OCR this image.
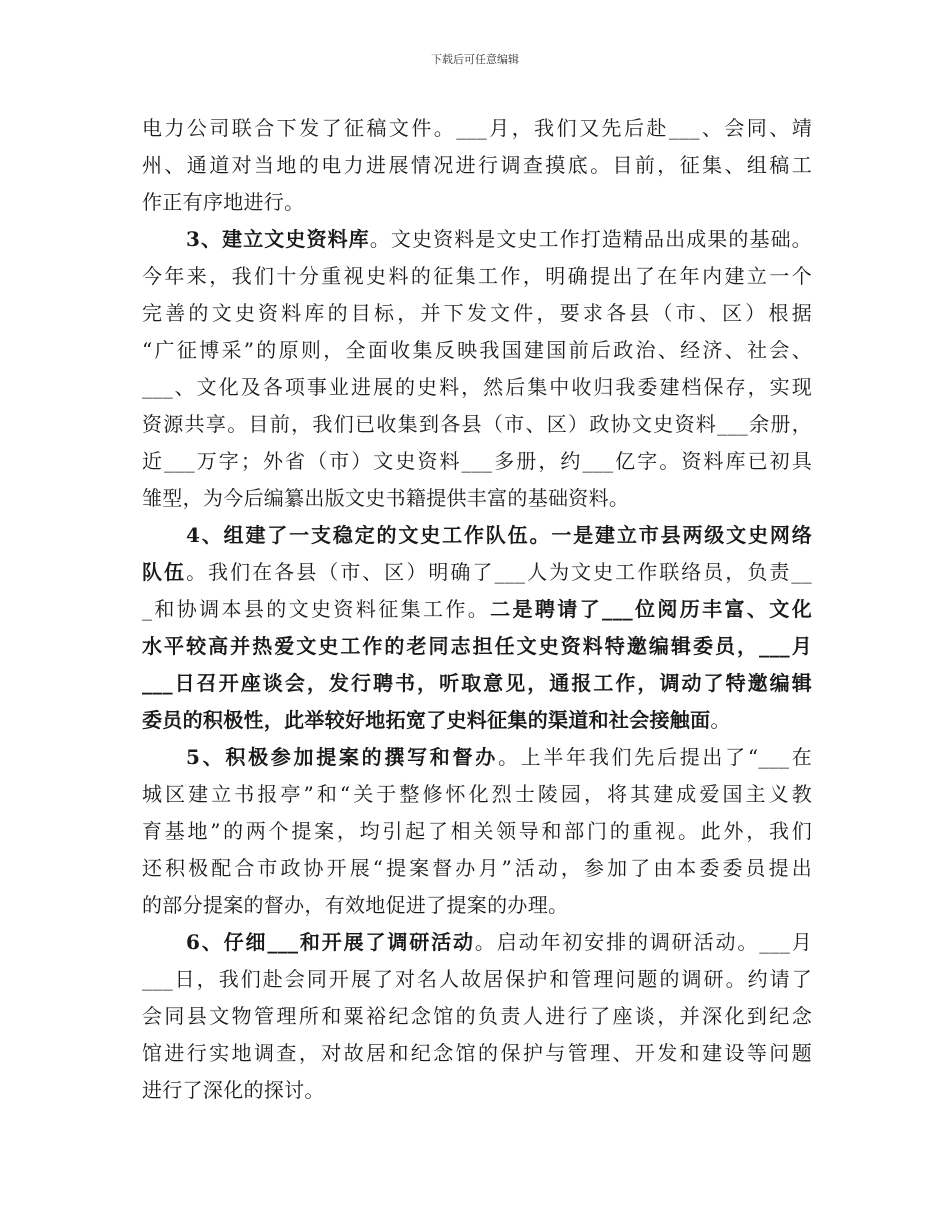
下载后可任意编辑
电力公司联合下发了征稿文件。___月，我们又先后赴___、会同、靖
州、通道对当地的电力进展情况进行调查摸底。目前，征集、组稿工
作正有序地进行。
3、建立文史资料库。文史资料是文史工作打造精品出成果的基础。
今年来，我们十分重视史料的征集工作，明确提出了在年内建立一个
完善的文史资料库的目标，并下发文件，要求各县（市、区）根据
“广征博采”的原则，全面收集反映我国建国前后政治、经济、社会、
___、文化及各项事业进展的史料，然后集中收归我委建档保存，实现
资源共享。目前，我们已收集到各县（市、区）政协文史资料___余册，
近___万字；外省（市）文史资料___多册，约___亿字。资料库已初具
雏型，为今后编纂出版文史书籍提供丰富的基础资料。
4、组建了一支稳定的文史工作队伍。一是建立市县两级文史网络
队伍。我们在各县（市、区）明确了___人为文史工作联络员，负责__
_和协调本县的文史资料征集工作。二是聘请了___位阅历丰富、文化
水平较高并热爱文史工作的老同志担任文史资料特邀编辑委员，___月
___日召开座谈会，发行聘书，听取意见，通报工作，调动了特邀编辑
委员的积极性，此举较好地拓宽了史料征集的渠道和社会接触面。
5、积极参加提案的撰写和督办。上半年我们先后提出了“___在
城区建立书报亭”和“关于整修怀化烈士陵园，将其建成爱国主义教
育基地”的两个提案，均引起了相关领导和部门的重视。此外，我们
还积极配合市政协开展“提案督办月”活动，参加了由本委委员提出
的部分提案的督办，有效地促进了提案的办理。
6、仔细___和开展了调研活动。启动年初安排的调研活动。___月
___日，我们赴会同开展了对名人故居保护和管理问题的调研。约请了
会同县文物管理所和粟裕纪念馆的负责人进行了座谈，并深化到纪念
馆进行实地调查，对故居和纪念馆的保护与管理、开发和建设等问题
进行了深化的探讨。
